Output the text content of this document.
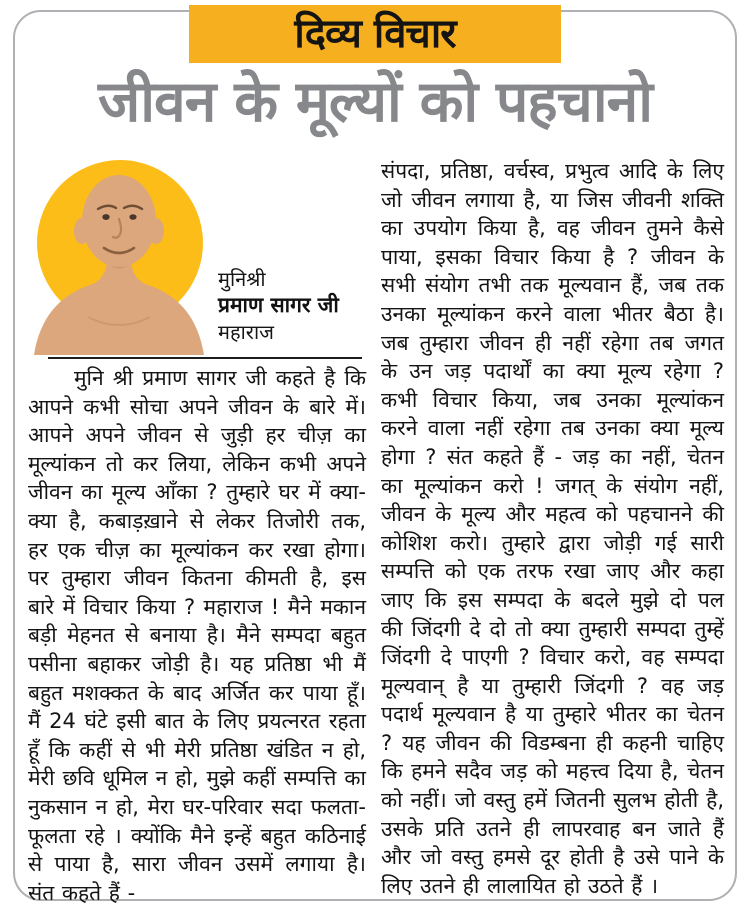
दिव्य विचार
जीवन के मूल्यों को पहचानो
मुनिश्री
प्रमाण सागर जी
महाराज

मुनि श्री प्रमाण सागर जी कहते है कि आपने कभी सोचा अपने जीवन के बारे में। आपने अपने जीवन से जुड़ी हर चीज़ का मूल्यांकन तो कर लिया, लेकिन कभी अपने जीवन का मूल्य आँका ? तुम्हारे घर में क्या-क्या है, कबाड़ख़ाने से लेकर तिजोरी तक, हर एक चीज़ का मूल्यांकन कर रखा होगा। पर तुम्हारा जीवन कितना कीमती है, इस बारे में विचार किया ? महाराज ! मैने मकान बड़ी मेहनत से बनाया है। मैने सम्पदा बहुत पसीना बहाकर जोड़ी है। यह प्रतिष्ठा भी मैं बहुत मशक्कत के बाद अर्जित कर पाया हूँ। मैं 24 घंटे इसी बात के लिए प्रयत्नरत रहता हूँ कि कहीं से भी मेरी प्रतिष्ठा खंडित न हो, मेरी छवि धूमिल न हो, मुझे कहीं सम्पत्ति का नुकसान न हो, मेरा घर-परिवार सदा फलता-फूलता रहे । क्योंकि मैने इन्हें बहुत कठिनाई से पाया है, सारा जीवन उसमें लगाया है। संत कहते हैं -

संपदा, प्रतिष्ठा, वर्चस्व, प्रभुत्व आदि के लिए जो जीवन लगाया है, या जिस जीवनी शक्ति का उपयोग किया है, वह जीवन तुमने कैसे पाया, इसका विचार किया है ? जीवन के सभी संयोग तभी तक मूल्यवान हैं, जब तक उनका मूल्यांकन करने वाला भीतर बैठा है। जब तुम्हारा जीवन ही नहीं रहेगा तब जगत के उन जड़ पदार्थों का क्या मूल्य रहेगा ? कभी विचार किया, जब उनका मूल्यांकन करने वाला नहीं रहेगा तब उनका क्या मूल्य होगा ? संत कहते हैं - जड़ का नहीं, चेतन का मूल्यांकन करो ! जगत् के संयोग नहीं, जीवन के मूल्य और महत्व को पहचानने की कोशिश करो। तुम्हारे द्वारा जोड़ी गई सारी सम्पत्ति को एक तरफ रखा जाए और कहा जाए कि इस सम्पदा के बदले मुझे दो पल की जिंदगी दे दो तो क्या तुम्हारी सम्पदा तुम्हें जिंदगी दे पाएगी ? विचार करो, वह सम्पदा मूल्यवान् है या तुम्हारी जिंदगी ? वह जड़ पदार्थ मूल्यवान है या तुम्हारे भीतर का चेतन ? यह जीवन की विडम्बना ही कहनी चाहिए कि हमने सदैव जड़ को महत्त्व दिया है, चेतन को नहीं। जो वस्तु हमें जितनी सुलभ होती है, उसके प्रति उतने ही लापरवाह बन जाते हैं और जो वस्तु हमसे दूर होती है उसे पाने के लिए उतने ही लालायित हो उठते हैं ।
